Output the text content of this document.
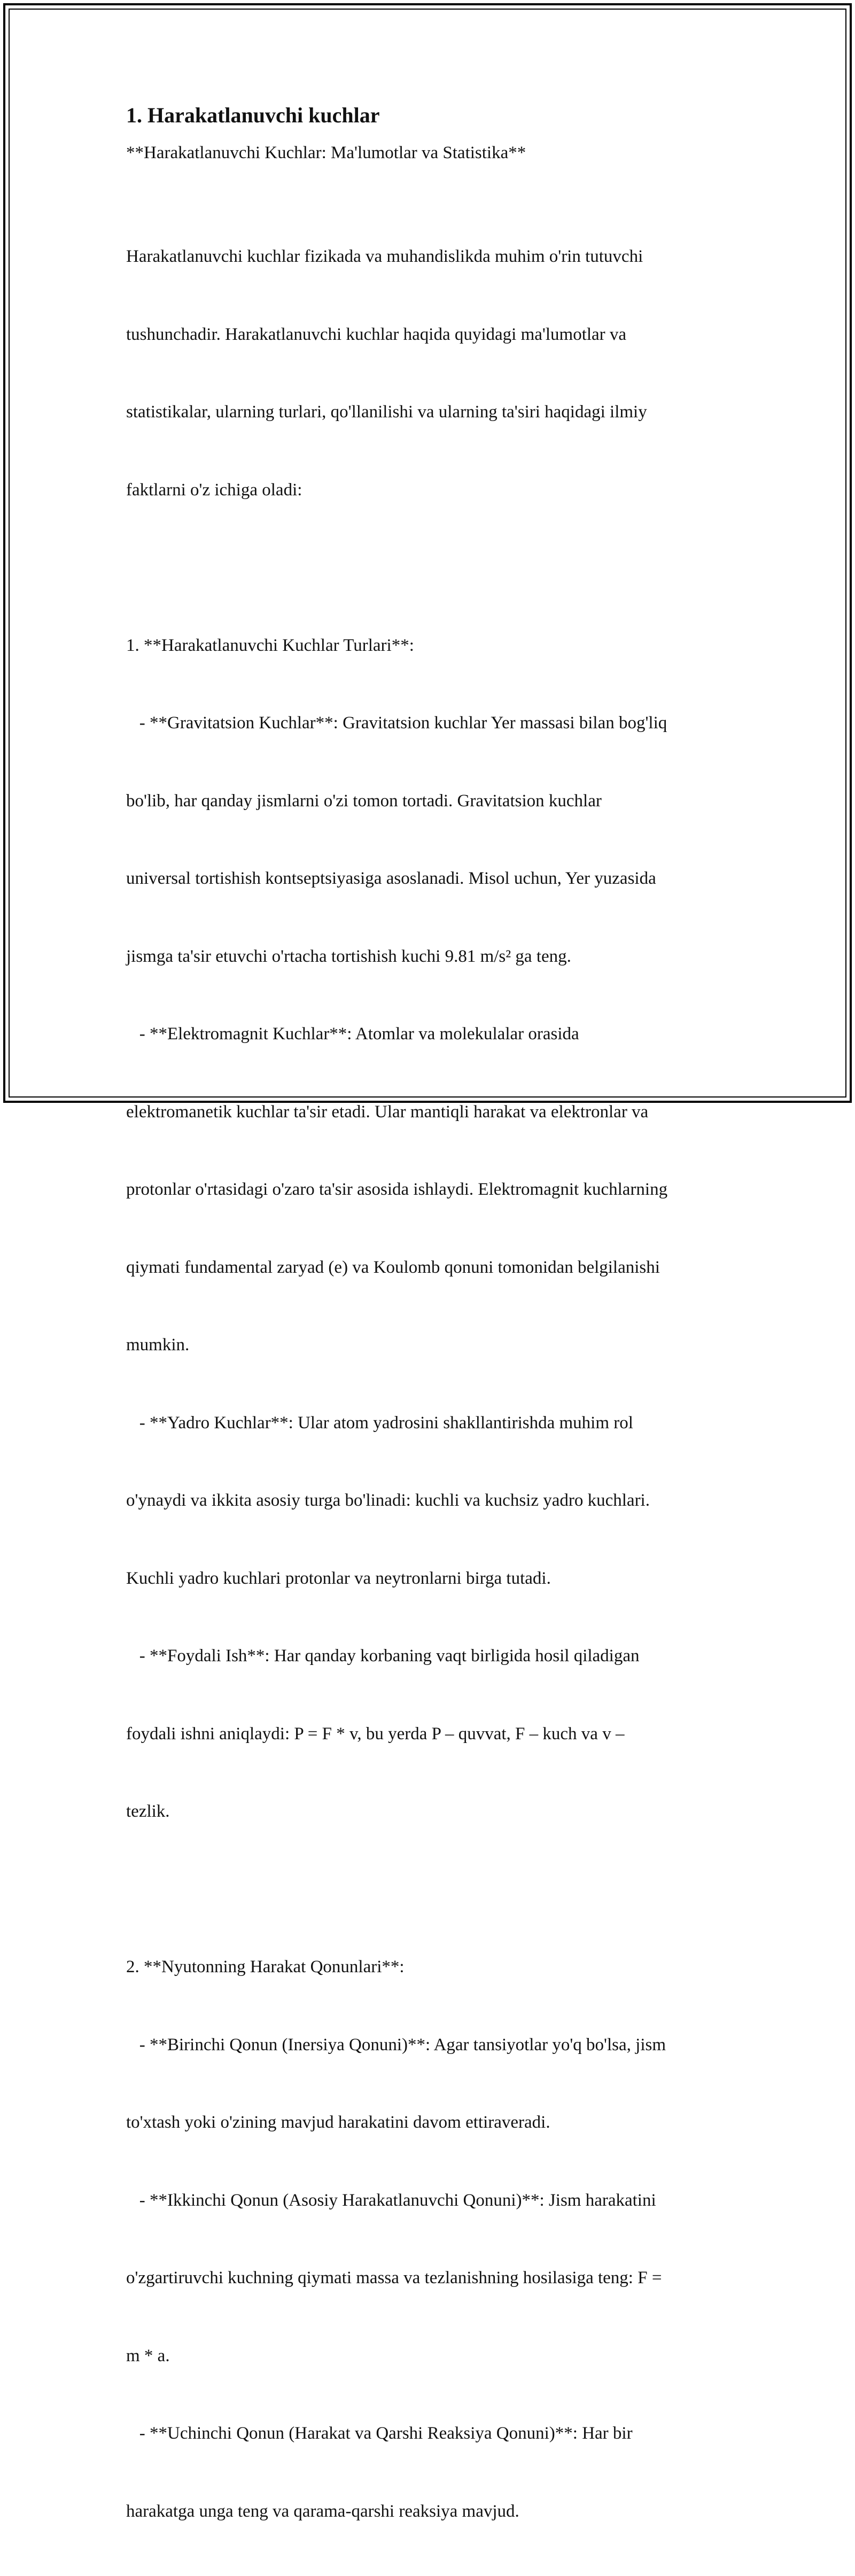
1. Harakatlanuvchi kuchlar

**Harakatlanuvchi Kuchlar: Ma'lumotlar va Statistika**

Harakatlanuvchi kuchlar fizikada va muhandislikda muhim o'rin tutuvchi

tushunchadir. Harakatlanuvchi kuchlar haqida quyidagi ma'lumotlar va

statistikalar, ularning turlari, qo'llanilishi va ularning ta'siri haqidagi ilmiy

faktlarni o'z ichiga oladi:

1. **Harakatlanuvchi Kuchlar Turlari**:

- **Gravitatsion Kuchlar**: Gravitatsion kuchlar Yer massasi bilan bog'liq

bo'lib, har qanday jismlarni o'zi tomon tortadi. Gravitatsion kuchlar

universal tortishish kontseptsiyasiga asoslanadi. Misol uchun, Yer yuzasida

jismga ta'sir etuvchi o'rtacha tortishish kuchi 9.81 m/s² ga teng.

- **Elektromagnit Kuchlar**: Atomlar va molekulalar orasida

elektromanetik kuchlar ta'sir etadi. Ular mantiqli harakat va elektronlar va

protonlar o'rtasidagi o'zaro ta'sir asosida ishlaydi. Elektromagnit kuchlarning

qiymati fundamental zaryad (e) va Koulomb qonuni tomonidan belgilanishi

mumkin.

- **Yadro Kuchlar**: Ular atom yadrosini shakllantirishda muhim rol

o'ynaydi va ikkita asosiy turga bo'linadi: kuchli va kuchsiz yadro kuchlari.

Kuchli yadro kuchlari protonlar va neytronlarni birga tutadi.

- **Foydali Ish**: Har qanday korbaning vaqt birligida hosil qiladigan

foydali ishni aniqlaydi: P = F * v, bu yerda P – quvvat, F – kuch va v –

tezlik.

2. **Nyutonning Harakat Qonunlari**:

- **Birinchi Qonun (Inersiya Qonuni)**: Agar tansiyotlar yo'q bo'lsa, jism

to'xtash yoki o'zining mavjud harakatini davom ettiraveradi.

- **Ikkinchi Qonun (Asosiy Harakatlanuvchi Qonuni)**: Jism harakatini

o'zgartiruvchi kuchning qiymati massa va tezlanishning hosilasiga teng: F =

m * a.

- **Uchinchi Qonun (Harakat va Qarshi Reaksiya Qonuni)**: Har bir

harakatga unga teng va qarama-qarshi reaksiya mavjud.
